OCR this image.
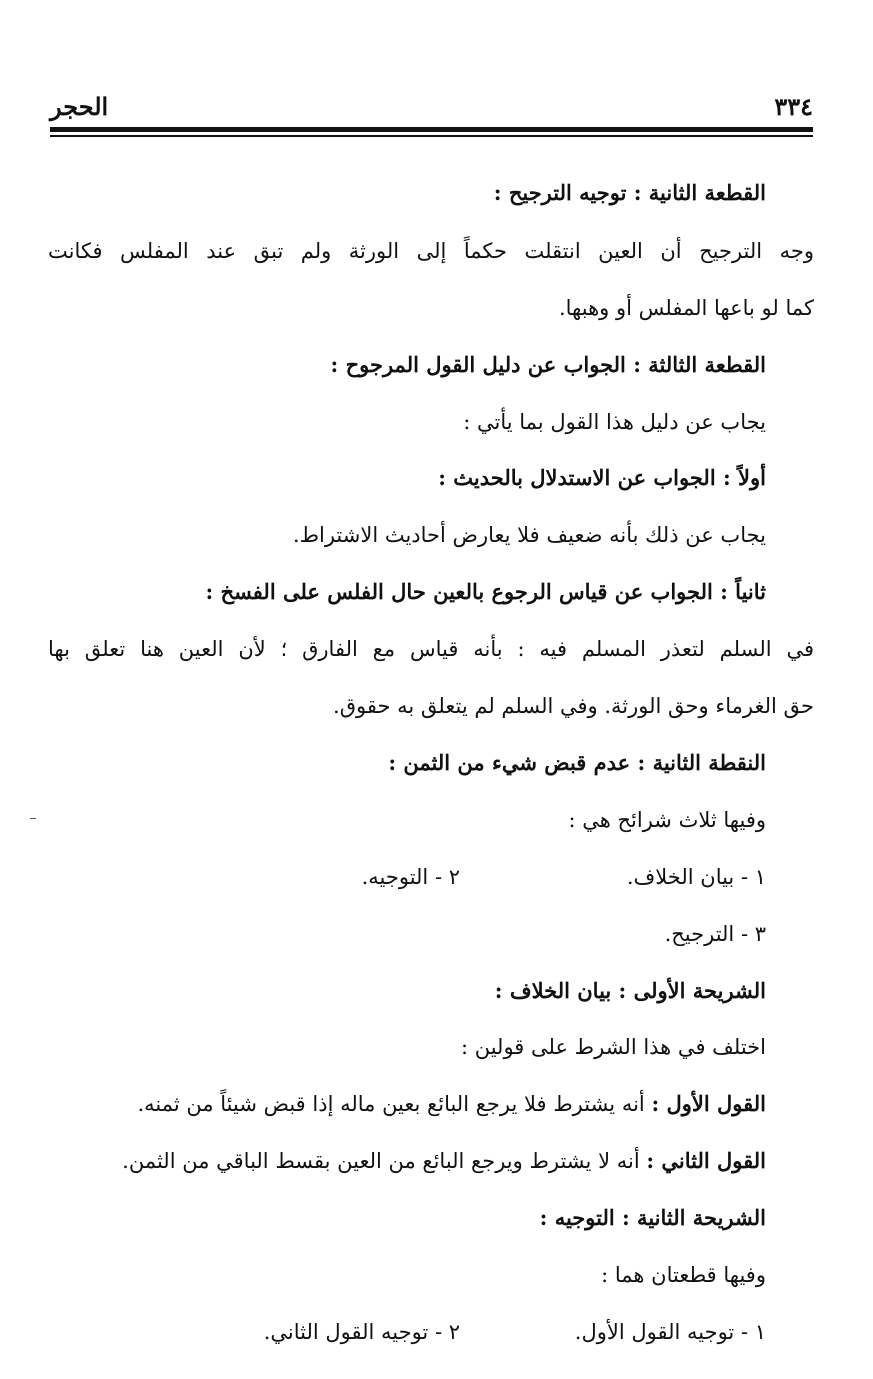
الحجر	٣٣٤
القطعة الثانية : توجيه الترجيح :
وجه الترجيح أن العين انتقلت حكماً إلى الورثة ولم تبق عند المفلس فكانت
كما لو باعها المفلس أو وهبها.
القطعة الثالثة : الجواب عن دليل القول المرجوح :
يجاب عن دليل هذا القول بما يأتي :
أولاً : الجواب عن الاستدلال بالحديث :
يجاب عن ذلك بأنه ضعيف فلا يعارض أحاديث الاشتراط.
ثانياً : الجواب عن قياس الرجوع بالعين حال الفلس على الفسخ :
في السلم لتعذر المسلم فيه : بأنه قياس مع الفارق ؛ لأن العين هنا تعلق بها
حق الغرماء وحق الورثة. وفي السلم لم يتعلق به حقوق.
النقطة الثانية : عدم قبض شيء من الثمن :
وفيها ثلاث شرائح هي :
١ - بيان الخلاف.
٢ - التوجيه.
٣ - الترجيح.
الشريحة الأولى : بيان الخلاف :
اختلف في هذا الشرط على قولين :
القول الأول : أنه يشترط فلا يرجع البائع بعين ماله إذا قبض شيئاً من ثمنه.
القول الثاني : أنه لا يشترط ويرجع البائع من العين بقسط الباقي من الثمن.
الشريحة الثانية : التوجيه :
وفيها قطعتان هما :
١ - توجيه القول الأول.
٢ - توجيه القول الثاني.
